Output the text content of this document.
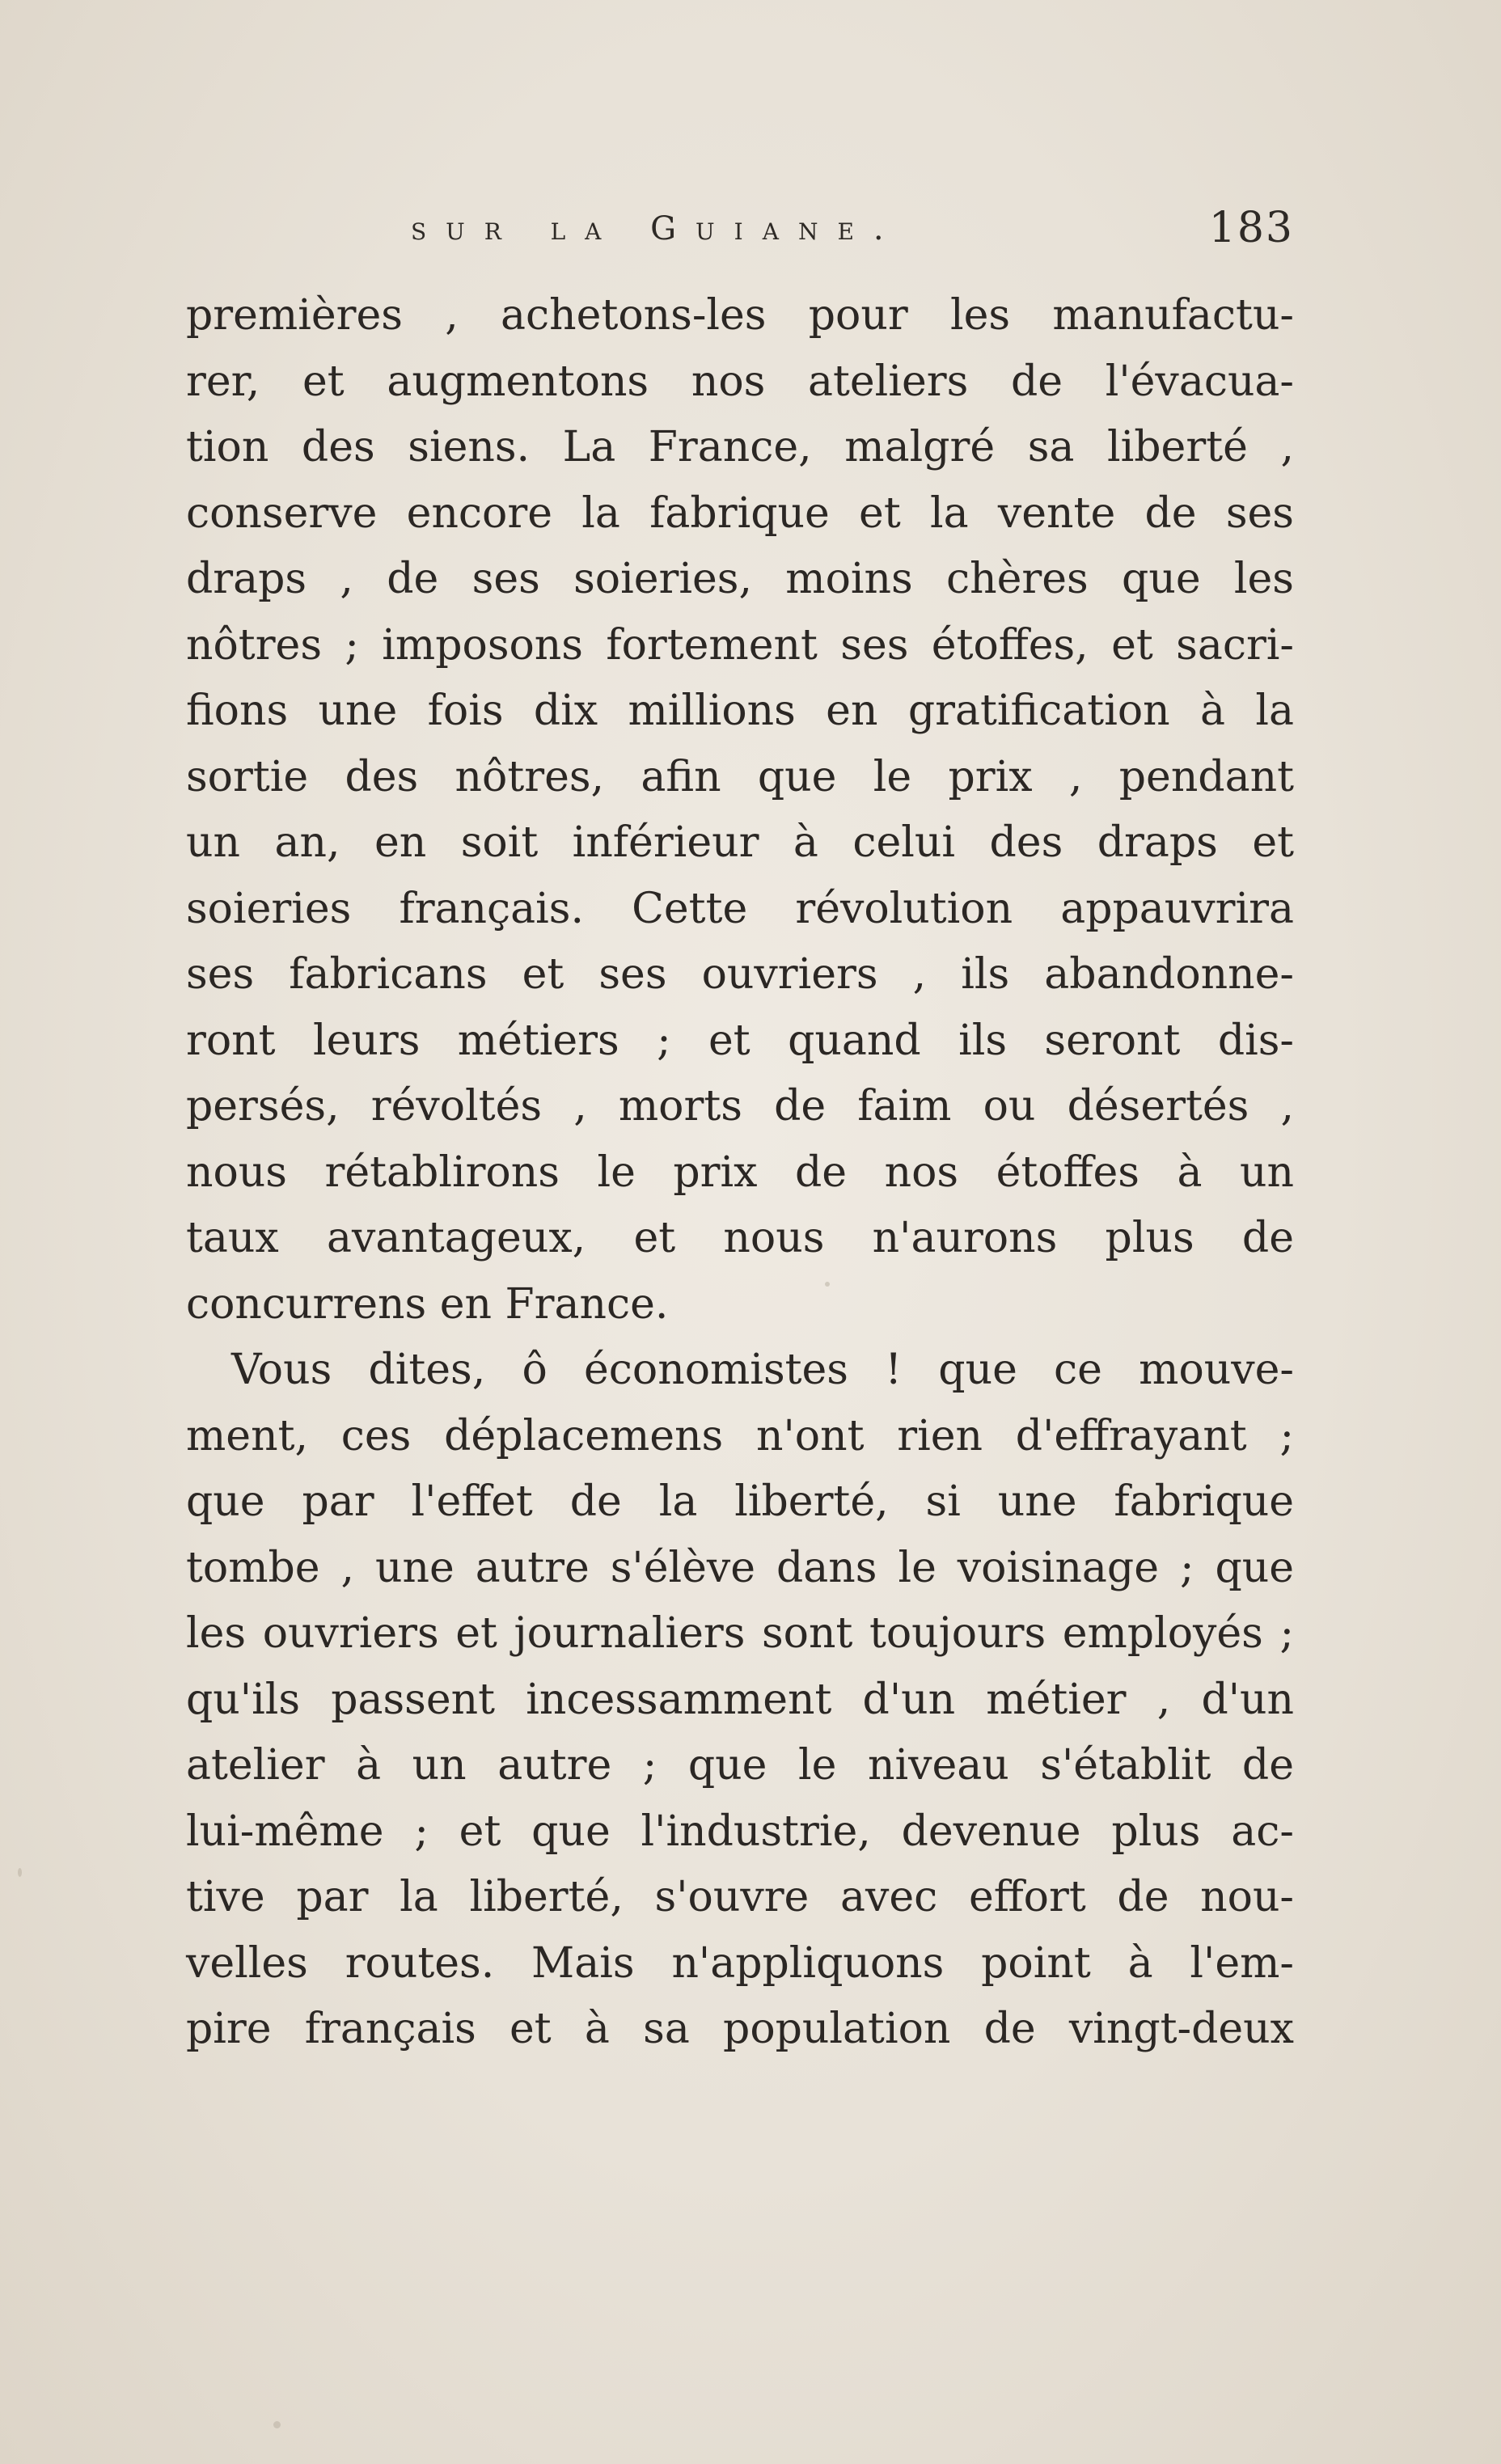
sur la Guiane.	183
premières , achetons-les pour les manufactu-
rer, et augmentons nos ateliers de l'évacua-
tion des siens. La France, malgré sa liberté ,
conserve encore la fabrique et la vente de ses
draps , de ses soieries, moins chères que les
nôtres ; imposons fortement ses étoffes, et sacri-
fions une fois dix millions en gratification à la
sortie des nôtres, afin que le prix , pendant
un an, en soit inférieur à celui des draps et
soieries français. Cette révolution appauvrira
ses fabricans et ses ouvriers , ils abandonne-
ront leurs métiers ; et quand ils seront dis-
persés, révoltés , morts de faim ou désertés ,
nous rétablirons le prix de nos étoffes à un
taux avantageux, et nous n'aurons plus de
concurrens en France.
Vous dites, ô économistes ! que ce mouve-
ment, ces déplacemens n'ont rien d'effrayant ;
que par l'effet de la liberté, si une fabrique
tombe , une autre s'élève dans le voisinage ; que
les ouvriers et journaliers sont toujours employés ;
qu'ils passent incessamment d'un métier , d'un
atelier à un autre ; que le niveau s'établit de
lui-même ; et que l'industrie, devenue plus ac-
tive par la liberté, s'ouvre avec effort de nou-
velles routes. Mais n'appliquons point à l'em-
pire français et à sa population de vingt-deux
